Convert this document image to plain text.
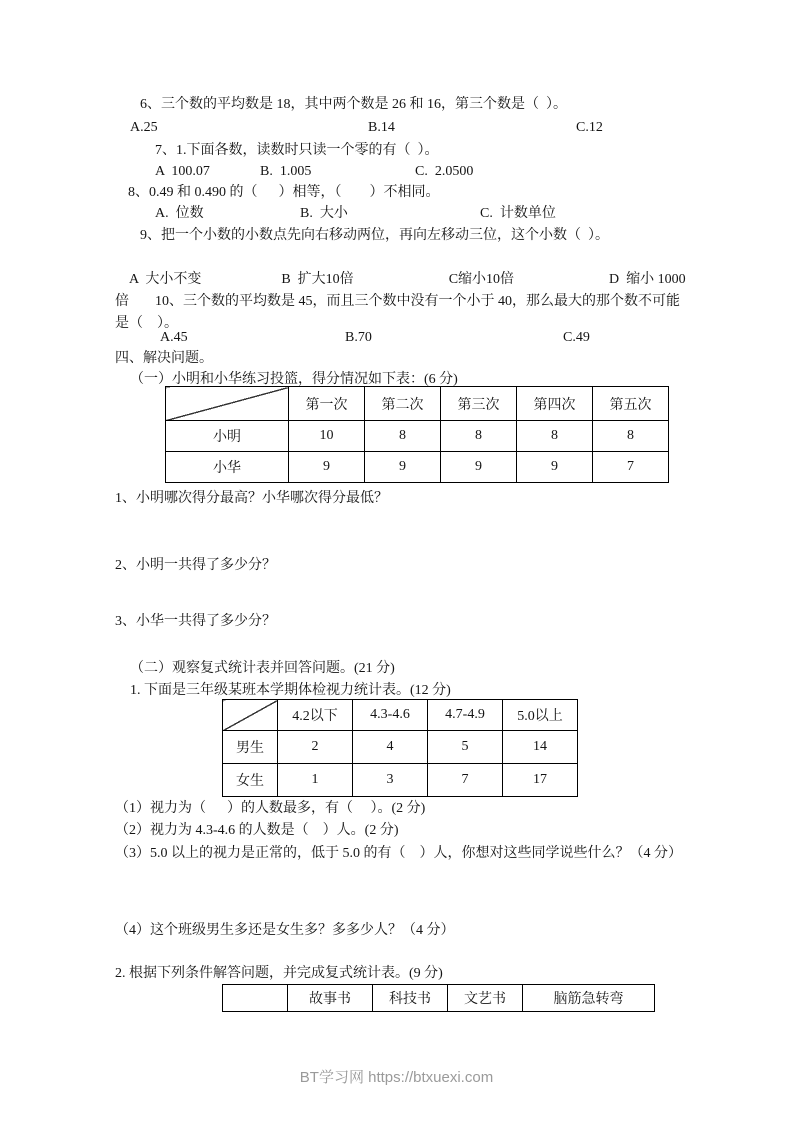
6、三个数的平均数是 18，其中两个数是 26 和 16，第三个数是（  ）。
A.25	B.14	C.12
7、1.下面各数，读数时只读一个零的有（  ）。
A  100.07	B.  1.005	C.  2.0500
8、0.49 和 0.490 的（      ）相等，（        ）不相同。
A.  位数	B.  大小	C.  计数单位
9、把一个小数的小数点先向右移动两位，再向左移动三位，这个小数（  ）。

A  大小不变	B  扩大10倍	C缩小10倍	D  缩小 1000 倍
	10、三个数的平均数是 45，而且三个数中没有一个小于 40，那么最大的那个数不可能是（    ）。
A.45	B.70	C.49
四、解决问题。
（一）小明和小华练习投篮，得分情况如下表：(6 分)
	第一次	第二次	第三次	第四次	第五次
小明	10	8	8	8	8
小华	9	9	9	9	7
1、小明哪次得分最高？小华哪次得分最低？
2、小明一共得了多少分？
3、小华一共得了多少分？
（二）观察复式统计表并回答问题。(21 分)
1. 下面是三年级某班本学期体检视力统计表。(12 分)
	4.2以下	4.3-4.6	4.7-4.9	5.0以上
男生	2	4	5	14
女生	1	3	7	17
（1）视力为（      ）的人数最多，有（     ）。(2 分)
（2）视力为 4.3-4.6 的人数是（    ）人。(2 分)
（3）5.0 以上的视力是正常的，低于 5.0 的有（    ）人，你想对这些同学说些什么？（4 分）
（4）这个班级男生多还是女生多？多多少人？（4 分）
2. 根据下列条件解答问题，并完成复式统计表。(9 分)
	故事书	科技书	文艺书	脑筋急转弯
BT学习网 https://btxuexi.com
